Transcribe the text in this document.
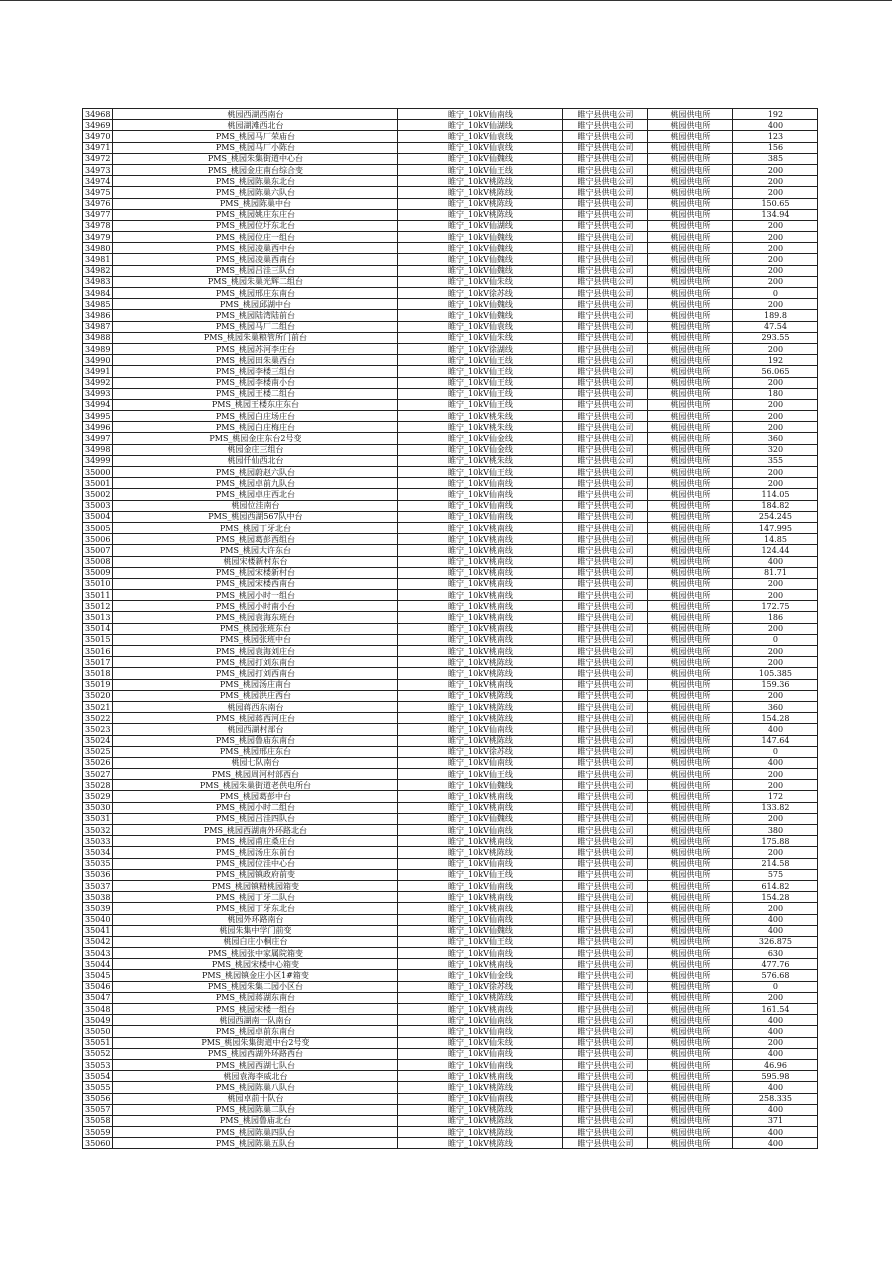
34968	桃园西湖西南台	睢宁_10kV仙南线	睢宁县供电公司	桃园供电所	192
34969	桃园湖滩西北台	睢宁_10kV仙湖线	睢宁县供电公司	桃园供电所	400
34970	PMS_桃园马厂荣庙台	睢宁_10kV仙袁线	睢宁县供电公司	桃园供电所	123
34971	PMS_桃园马厂小陈台	睢宁_10kV仙袁线	睢宁县供电公司	桃园供电所	156
34972	PMS_桃园朱集街道中心台	睢宁_10kV仙魏线	睢宁县供电公司	桃园供电所	385
34973	PMS_桃园金庄南台综合变	睢宁_10kV仙王线	睢宁县供电公司	桃园供电所	200
34974	PMS_桃园陈巢东北台	睢宁_10kV桃陈线	睢宁县供电公司	桃园供电所	200
34975	PMS_桃园陈巢六队台	睢宁_10kV桃陈线	睢宁县供电公司	桃园供电所	200
34976	PMS_桃园陈巢中台	睢宁_10kV桃陈线	睢宁县供电公司	桃园供电所	150.65
34977	PMS_桃园姚庄东庄台	睢宁_10kV桃陈线	睢宁县供电公司	桃园供电所	134.94
34978	PMS_桃园位圩东北台	睢宁_10kV仙湖线	睢宁县供电公司	桃园供电所	200
34979	PMS_桃园位庄一组台	睢宁_10kV仙魏线	睢宁县供电公司	桃园供电所	200
34980	PMS_桃园凌巢西中台	睢宁_10kV仙魏线	睢宁县供电公司	桃园供电所	200
34981	PMS_桃园凌巢西南台	睢宁_10kV仙魏线	睢宁县供电公司	桃园供电所	200
34982	PMS_桃园吕洼三队台	睢宁_10kV仙魏线	睢宁县供电公司	桃园供电所	200
34983	PMS_桃园朱巢光辉二组台	睢宁_10kV仙朱线	睢宁县供电公司	桃园供电所	200
34984	PMS_桃园邢庄东南台	睢宁_10kV徐苏线	睢宁县供电公司	桃园供电所	0
34985	PMS_桃园邱湖中台	睢宁_10kV仙魏线	睢宁县供电公司	桃园供电所	200
34986	PMS_桃园陆湾陆前台	睢宁_10kV仙魏线	睢宁县供电公司	桃园供电所	189.8
34987	PMS_桃园马厂二组台	睢宁_10kV仙袁线	睢宁县供电公司	桃园供电所	47.54
34988	PMS_桃园朱巢粮管所门前台	睢宁_10kV仙朱线	睢宁县供电公司	桃园供电所	293.55
34989	PMS_桃园苏河李庄台	睢宁_10kV徐湖线	睢宁县供电公司	桃园供电所	200
34990	PMS_桃园田朱巢西台	睢宁_10kV仙王线	睢宁县供电公司	桃园供电所	192
34991	PMS_桃园李楼三组台	睢宁_10kV仙王线	睢宁县供电公司	桃园供电所	56.065
34992	PMS_桃园李楼南小台	睢宁_10kV仙王线	睢宁县供电公司	桃园供电所	200
34993	PMS_桃园王楼二组台	睢宁_10kV仙王线	睢宁县供电公司	桃园供电所	180
34994	PMS_桃园王楼东庄东台	睢宁_10kV仙王线	睢宁县供电公司	桃园供电所	200
34995	PMS_桃园白庄场庄台	睢宁_10kV桃朱线	睢宁县供电公司	桃园供电所	200
34996	PMS_桃园白庄梅庄台	睢宁_10kV桃朱线	睢宁县供电公司	桃园供电所	200
34997	PMS_桃园金庄东台2号变	睢宁_10kV仙金线	睢宁县供电公司	桃园供电所	360
34998	桃园金庄三组台	睢宁_10kV仙金线	睢宁县供电公司	桃园供电所	320
34999	桃园仟仙西北台	睢宁_10kV桃朱线	睢宁县供电公司	桃园供电所	355
35000	PMS_桃园蔚赵六队台	睢宁_10kV仙王线	睢宁县供电公司	桃园供电所	200
35001	PMS_桃园卓前九队台	睢宁_10kV仙南线	睢宁县供电公司	桃园供电所	200
35002	PMS_桃园卓庄西北台	睢宁_10kV仙南线	睢宁县供电公司	桃园供电所	114.05
35003	桃园位洼南台	睢宁_10kV仙南线	睢宁县供电公司	桃园供电所	184.82
35004	PMS_桃园西湖567队中台	睢宁_10kV仙南线	睢宁县供电公司	桃园供电所	254.245
35005	PMS_桃园丁牙北台	睢宁_10kV桃南线	睢宁县供电公司	桃园供电所	147.995
35006	PMS_桃园葛彭西组台	睢宁_10kV桃南线	睢宁县供电公司	桃园供电所	14.85
35007	PMS_桃园大许东台	睢宁_10kV桃南线	睢宁县供电公司	桃园供电所	124.44
35008	桃园宋楼新村东台	睢宁_10kV桃南线	睢宁县供电公司	桃园供电所	400
35009	PMS_桃园宋楼新村台	睢宁_10kV桃南线	睢宁县供电公司	桃园供电所	81.71
35010	PMS_桃园宋楼西南台	睢宁_10kV桃南线	睢宁县供电公司	桃园供电所	200
35011	PMS_桃园小时一组台	睢宁_10kV桃南线	睢宁县供电公司	桃园供电所	200
35012	PMS_桃园小时南小台	睢宁_10kV桃南线	睢宁县供电公司	桃园供电所	172.75
35013	PMS_桃园袁海东班台	睢宁_10kV桃南线	睢宁县供电公司	桃园供电所	186
35014	PMS_桃园张班东台	睢宁_10kV桃南线	睢宁县供电公司	桃园供电所	200
35015	PMS_桃园张班中台	睢宁_10kV桃南线	睢宁县供电公司	桃园供电所	0
35016	PMS_桃园袁海刘庄台	睢宁_10kV桃南线	睢宁县供电公司	桃园供电所	200
35017	PMS_桃园打刘东南台	睢宁_10kV桃陈线	睢宁县供电公司	桃园供电所	200
35018	PMS_桃园打刘西南台	睢宁_10kV桃陈线	睢宁县供电公司	桃园供电所	105.385
35019	PMS_桃园汤庄南台	睢宁_10kV桃南线	睢宁县供电公司	桃园供电所	159.36
35020	PMS_桃园洪庄西台	睢宁_10kV桃陈线	睢宁县供电公司	桃园供电所	200
35021	桃园蒋西东南台	睢宁_10kV桃陈线	睢宁县供电公司	桃园供电所	360
35022	PMS_桃园蒋西河庄台	睢宁_10kV桃陈线	睢宁县供电公司	桃园供电所	154.28
35023	桃园西湖村部台	睢宁_10kV仙南线	睢宁县供电公司	桃园供电所	400
35024	PMS_桃园鲁庙东南台	睢宁_10kV桃陈线	睢宁县供电公司	桃园供电所	147.64
35025	PMS_桃园邢庄东台	睢宁_10kV徐苏线	睢宁县供电公司	桃园供电所	0
35026	桃园七队南台	睢宁_10kV仙南线	睢宁县供电公司	桃园供电所	400
35027	PMS_桃园周河村部西台	睢宁_10kV仙王线	睢宁县供电公司	桃园供电所	200
35028	PMS_桃园朱巢街道老供电所台	睢宁_10kV仙魏线	睢宁县供电公司	桃园供电所	200
35029	PMS_桃园葛彭中台	睢宁_10kV桃南线	睢宁县供电公司	桃园供电所	172
35030	PMS_桃园小时二组台	睢宁_10kV桃南线	睢宁县供电公司	桃园供电所	133.82
35031	PMS_桃园吕洼四队台	睢宁_10kV仙魏线	睢宁县供电公司	桃园供电所	200
35032	PMS_桃园西湖南外环路北台	睢宁_10kV仙南线	睢宁县供电公司	桃园供电所	380
35033	PMS_桃园甫庄桑庄台	睢宁_10kV桃南线	睢宁县供电公司	桃园供电所	175.88
35034	PMS_桃园汤庄东前台	睢宁_10kV桃陈线	睢宁县供电公司	桃园供电所	200
35035	PMS_桃园位洼中心台	睢宁_10kV仙南线	睢宁县供电公司	桃园供电所	214.58
35036	PMS_桃园镇政府前变	睢宁_10kV仙王线	睢宁县供电公司	桃园供电所	575
35037	PMS_桃园镇精桃园箱变	睢宁_10kV仙南线	睢宁县供电公司	桃园供电所	614.82
35038	PMS_桃园丁牙二队台	睢宁_10kV桃南线	睢宁县供电公司	桃园供电所	154.28
35039	PMS_桃园丁牙东北台	睢宁_10kV桃南线	睢宁县供电公司	桃园供电所	200
35040	桃园外环路南台	睢宁_10kV仙南线	睢宁县供电公司	桃园供电所	400
35041	桃园朱集中学门前变	睢宁_10kV仙魏线	睢宁县供电公司	桃园供电所	400
35042	桃园白庄小桐庄台	睢宁_10kV仙王线	睢宁县供电公司	桃园供电所	326.875
35043	PMS_桃园张中家属院箱变	睢宁_10kV仙南线	睢宁县供电公司	桃园供电所	630
35044	PMS_桃园宋楼中心箱变	睢宁_10kV桃南线	睢宁县供电公司	桃园供电所	477.76
35045	PMS_桃园镇金庄小区1#箱变	睢宁_10kV仙金线	睢宁县供电公司	桃园供电所	576.68
35046	PMS_桃园朱集二园小区台	睢宁_10kV徐苏线	睢宁县供电公司	桃园供电所	0
35047	PMS_桃园蒋湖东南台	睢宁_10kV桃陈线	睢宁县供电公司	桃园供电所	200
35048	PMS_桃园宋楼一组台	睢宁_10kV桃南线	睢宁县供电公司	桃园供电所	161.54
35049	桃园西湖南一队南台	睢宁_10kV仙南线	睢宁县供电公司	桃园供电所	400
35050	PMS_桃园卓前东南台	睢宁_10kV仙南线	睢宁县供电公司	桃园供电所	400
35051	PMS_桃园朱集街道中台2号变	睢宁_10kV仙朱线	睢宁县供电公司	桃园供电所	200
35052	PMS_桃园西湖外环路西台	睢宁_10kV仙南线	睢宁县供电公司	桃园供电所	400
35053	PMS_桃园西湖七队台	睢宁_10kV仙南线	睢宁县供电公司	桃园供电所	46.96
35054	桃园袁海李威北台	睢宁_10kV桃南线	睢宁县供电公司	桃园供电所	595.98
35055	PMS_桃园陈巢八队台	睢宁_10kV桃陈线	睢宁县供电公司	桃园供电所	400
35056	桃园卓前十队台	睢宁_10kV仙南线	睢宁县供电公司	桃园供电所	258.335
35057	PMS_桃园陈巢二队台	睢宁_10kV桃陈线	睢宁县供电公司	桃园供电所	400
35058	PMS_桃园鲁庙北台	睢宁_10kV桃陈线	睢宁县供电公司	桃园供电所	371
35059	PMS_桃园陈巢四队台	睢宁_10kV桃陈线	睢宁县供电公司	桃园供电所	400
35060	PMS_桃园陈巢五队台	睢宁_10kV桃陈线	睢宁县供电公司	桃园供电所	400
